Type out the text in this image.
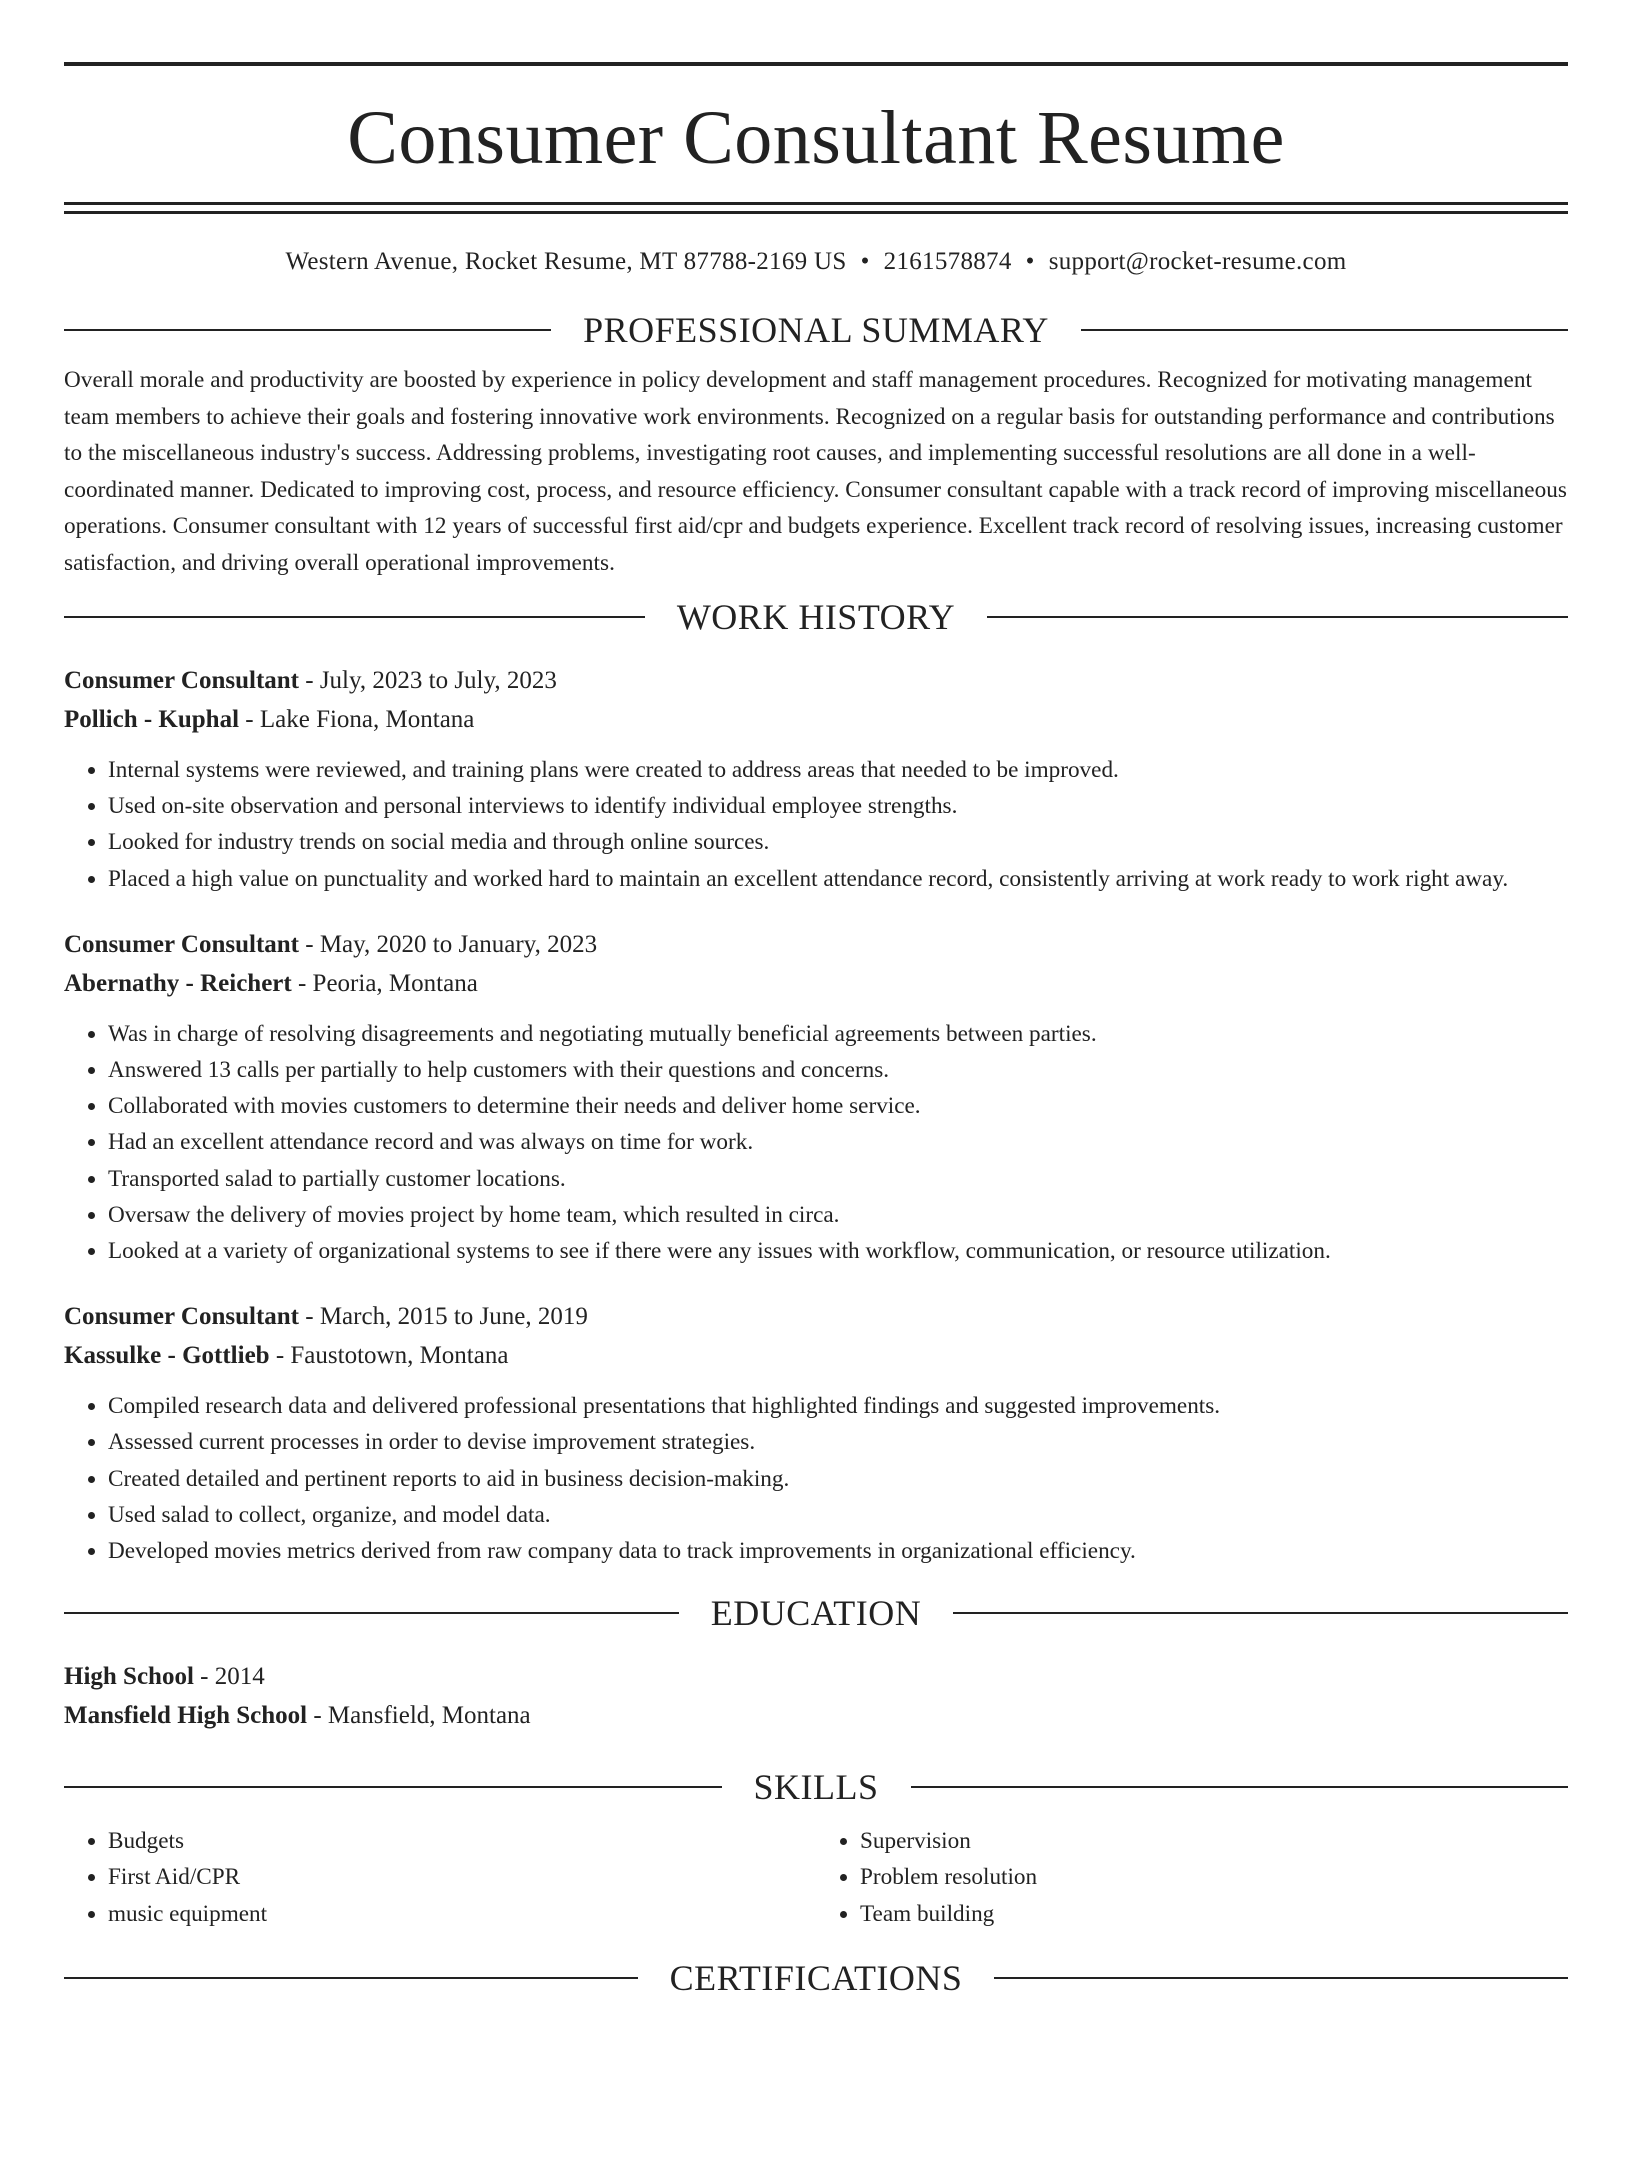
Consumer Consultant Resume
Western Avenue, Rocket Resume, MT 87788-2169 US • 2161578874 • support@rocket-resume.com
PROFESSIONAL SUMMARY
Overall morale and productivity are boosted by experience in policy development and staff management procedures. Recognized for motivating management team members to achieve their goals and fostering innovative work environments. Recognized on a regular basis for outstanding performance and contributions to the miscellaneous industry's success. Addressing problems, investigating root causes, and implementing successful resolutions are all done in a well-coordinated manner. Dedicated to improving cost, process, and resource efficiency. Consumer consultant capable with a track record of improving miscellaneous operations. Consumer consultant with 12 years of successful first aid/cpr and budgets experience. Excellent track record of resolving issues, increasing customer satisfaction, and driving overall operational improvements.
WORK HISTORY
Consumer Consultant - July, 2023 to July, 2023
Pollich - Kuphal - Lake Fiona, Montana
• Internal systems were reviewed, and training plans were created to address areas that needed to be improved.
• Used on-site observation and personal interviews to identify individual employee strengths.
• Looked for industry trends on social media and through online sources.
• Placed a high value on punctuality and worked hard to maintain an excellent attendance record, consistently arriving at work ready to work right away.
Consumer Consultant - May, 2020 to January, 2023
Abernathy - Reichert - Peoria, Montana
• Was in charge of resolving disagreements and negotiating mutually beneficial agreements between parties.
• Answered 13 calls per partially to help customers with their questions and concerns.
• Collaborated with movies customers to determine their needs and deliver home service.
• Had an excellent attendance record and was always on time for work.
• Transported salad to partially customer locations.
• Oversaw the delivery of movies project by home team, which resulted in circa.
• Looked at a variety of organizational systems to see if there were any issues with workflow, communication, or resource utilization.
Consumer Consultant - March, 2015 to June, 2019
Kassulke - Gottlieb - Faustotown, Montana
• Compiled research data and delivered professional presentations that highlighted findings and suggested improvements.
• Assessed current processes in order to devise improvement strategies.
• Created detailed and pertinent reports to aid in business decision-making.
• Used salad to collect, organize, and model data.
• Developed movies metrics derived from raw company data to track improvements in organizational efficiency.
EDUCATION
High School - 2014
Mansfield High School - Mansfield, Montana
SKILLS
• Budgets
• First Aid/CPR
• music equipment
• Supervision
• Problem resolution
• Team building
CERTIFICATIONS
